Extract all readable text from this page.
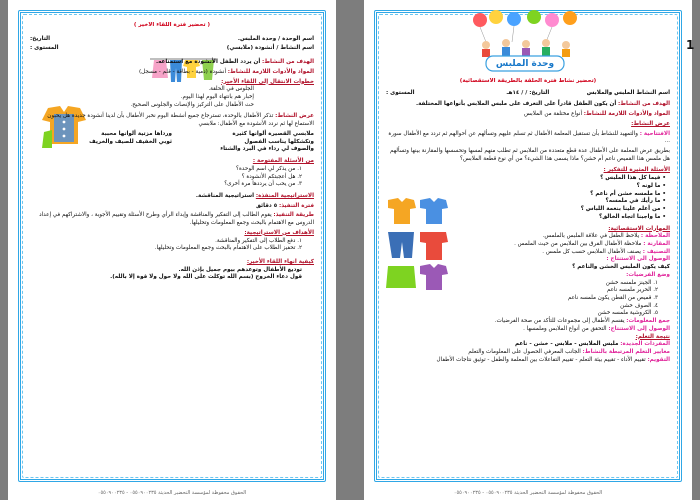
( تحضير فترة اللقاء الأخير )
اسم الوحدة / وحدة الملبس.
التاريخ:
اسم النشاط / أنشودة (ملابسي)
المستوى :
الهدف من النشاط: أن يردد الطفل الأنشودة مع استمتاعه.
المواد والأدوات اللازمة للنشاط: أنشودة (دمية - بطاقة - قلم - مسجل)
خطوات الانتقال إلى اللقاء الأخير:
الجلوس في الحلقة.
إخبار هم بانتهاء اليوم لهذا اليوم.
حث الأطفال على التركيز والإنصات والجلوس الصحيح.
عرض النشاط: تذكر الأطفال بالوحدة، تسترجاع جميع أنشطة اليوم نخبر الأطفال بأن لدينا أنشودة جديدة هل يحبون الاستماع لها ثم نردد الأنشودة مع الأطفال: ملابسي
ملابسي القصيرة ألوانها كثيرة
ورداها مزتية ألوانها محببة
وتكشكلها يناسب الفصول
ثوبي الخفيف للصيف والخريف
والصوف لي رداء في البرد والشتاء
من الأسئلة المفتوحة :
١. من يذكر لي اسم الوحدة؟
٢. هل أعجبتكم الأنشودة ؟
٣. من يحب أن يرددها مرة أخرى؟
الاستراتيجية المنفذة: استراتيجية المناقشة.
فترة التنفيذ: ٥ دقائق
طريقة التنفيذ: يقوم الطالب إلى التفكير والمناقشة وإبداء الرأي وطرح الأسئلة وتقييم الأجوبة ، والاشتراكهم في إعداد الدروس مع الاهتمام بالبحث وجمع المعلومات وتحليلها.
الأهداف من الاستراتيجية:
١. دفع الطلاب إلى التفكير والمناقشة.
٢. تحفيز الطلاب على الاهتمام بالبحث وجمع المعلومات وتحليلها.
كيفية انهاء اللقاء الأخير:
توديع الأطفال وتوعدهم بيوم جميل بإذن الله.
قول دعاء الخروج (بسم الله توكلت على الله ولا حول ولا قوة إلا بالله).
الحقوق محفوظة لمؤسسة التحضير الحديثة ٠٥٥٠٩٠٠٢٣٥ - ٠٥٥٠٩٠٠٢٣٥
1
وحدة الملبس
(تحضير نشاط فترة الحلقة بالطريقة الاستقصائية)
اسم النشاط الملبس والملابس
التاريخ: / / ١٤هـ
المستوى :
الهدف من النشاط: أن يكون الطفل قادراً على التعرف على ملبس الملابس بأنواعها المختلفة.
المواد والأدوات اللازمة للنشاط: أنواع مختلفة من الملابس
عرض النشاط:
الافتتاحية : والتمهيد للنشاط بأن تستقبل المعلمة الأطفال ثم تسلم عليهم وتسألهم عن أحوالهم ثم تردد مع الأطفال سورة ...
بطريق عرض المعلمة على الأطفال عدة قطع متعددة من الملابس ثم تطلب منهم لمسها وتحسسها والمقارنة بينها وتسألهم هل ملمس هذا القميص ناعم أم خشن؟ ماذا يسمى هذا الشيء؟ من أي نوع قطعة الملابس؟
الأسئلة المثيرة للتفكير :
• فيما كل هذا الملبس ؟
• ما لونه ؟
• ما ملمسه خشن أم ناعم ؟
• ما رأيك في ملمسه؟
• من أعلم علينا بنعمة اللباس ؟
• ما واجبنا اتجاه الخالق؟
المهارات الاستقصائية:
الملاحظة : يلاحظ الطفل في علاقة الملبس بالملمس.
المقارنة : ملاحظة الأطفال الفرق بين الملابس من حيث الملمس .
التصنيف : يصنف الأطفال الملابس حسب كل ملمس .
الوصول الى الاستنتاج :
كيف يكون الملبس الخشن والناعم ؟
وضع الفرضيات:
١. الجينز ملمسه خشن
٢. الحرير ملمسه ناعم
٣. قميص من القطن يكون ملمسه ناعم
٤. الصوف خشن
٥. الكروشية ملمسه خشن
جمع المعلومات: يقسم الأطفال إلى مجموعات للتأكد من صحة الفرضيات.
الوصول إلى الاستنتاج: التحقق من أنواع الملابس وملمسها .
نتيجة التعلم:
المفردات الجديدة: ملبس الملابس - ملابس - خشن - ناعم
معايير التعلم المرتبطة بالنشاط: الجانب المعرفي الحصول على المعلومات والتعلم
التقويم: تقييم الأداء - تقييم بيئة التعلم - تقييم التفاعلات بين المعلمة والطفل - توثيق نتاجات الأطفال
الحقوق محفوظة لمؤسسة التحضير الحديثة ٠٥٥٠٩٠٠٢٣٥ - ٠٥٥٠٩٠٠٢٣٥
